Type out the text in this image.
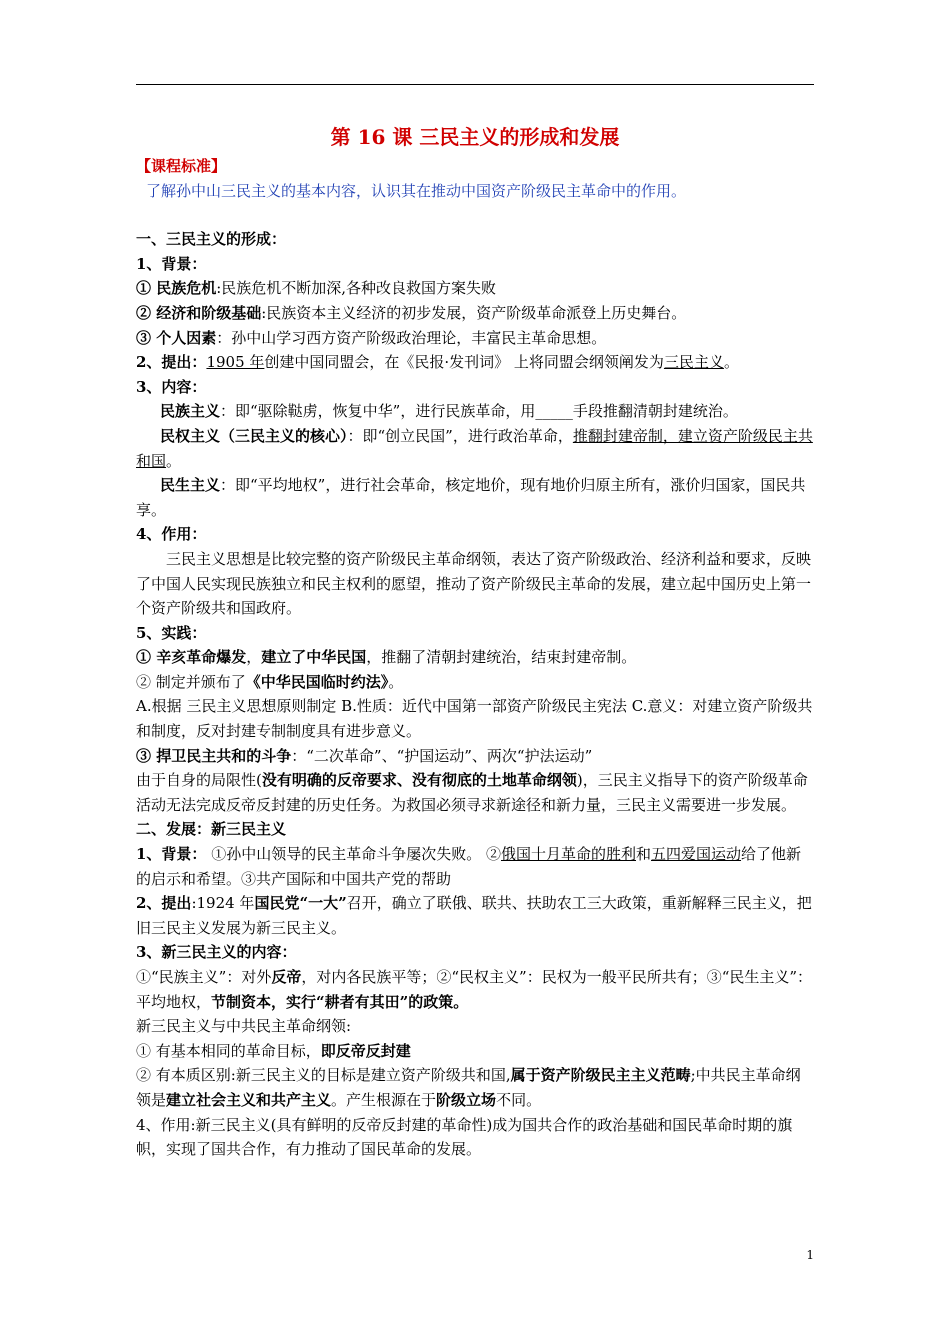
第 16 课 三民主义的形成和发展

【课程标准】

了解孙中山三民主义的基本内容，认识其在推动中国资产阶级民主革命中的作用。

一、三民主义的形成：

1、背景：

① 民族危机:民族危机不断加深,各种改良救国方案失败

② 经济和阶级基础:民族资本主义经济的初步发展，资产阶级革命派登上历史舞台。

③ 个人因素：孙中山学习西方资产阶级政治理论，丰富民主革命思想。

2、提出：1905 年创建中国同盟会，在《民报·发刊词》 上将同盟会纲领阐发为三民主义。

3、内容：

民族主义：即“驱除鞑虏，恢复中华”，进行民族革命，用_____手段推翻清朝封建统治。

民权主义（三民主义的核心）：即“创立民国”，进行政治革命，推翻封建帝制，建立资产阶级民主共和国。

民生主义：即“平均地权”，进行社会革命，核定地价，现有地价归原主所有，涨价归国家，国民共享。

4、作用：

三民主义思想是比较完整的资产阶级民主革命纲领，表达了资产阶级政治、经济利益和要求，反映了中国人民实现民族独立和民主权利的愿望，推动了资产阶级民主革命的发展，建立起中国历史上第一个资产阶级共和国政府。

5、实践：

① 辛亥革命爆发，建立了中华民国，推翻了清朝封建统治，结束封建帝制。

② 制定并颁布了《中华民国临时约法》。

A.根据 三民主义思想原则制定 B.性质：近代中国第一部资产阶级民主宪法 C.意义：对建立资产阶级共和制度，反对封建专制制度具有进步意义。

③ 捍卫民主共和的斗争：“二次革命”、“护国运动”、两次“护法运动”

由于自身的局限性(没有明确的反帝要求、没有彻底的土地革命纲领)，三民主义指导下的资产阶级革命活动无法完成反帝反封建的历史任务。为救国必须寻求新途径和新力量，三民主义需要进一步发展。

二、发展：新三民主义

1、背景： ①孙中山领导的民主革命斗争屡次失败。 ②俄国十月革命的胜利和五四爱国运动给了他新的启示和希望。③共产国际和中国共产党的帮助

2、提出:1924 年国民党“一大”召开，确立了联俄、联共、扶助农工三大政策，重新解释三民主义，把旧三民主义发展为新三民主义。

3、新三民主义的内容：

①“民族主义”：对外反帝，对内各民族平等；②“民权主义”：民权为一般平民所共有；③“民生主义”：平均地权，节制资本，实行“耕者有其田”的政策。

新三民主义与中共民主革命纲领:

① 有基本相同的革命目标，即反帝反封建

② 有本质区别:新三民主义的目标是建立资产阶级共和国,属于资产阶级民主主义范畴;中共民主革命纲领是建立社会主义和共产主义。产生根源在于阶级立场不同。

4、作用:新三民主义(具有鲜明的反帝反封建的革命性)成为国共合作的政治基础和国民革命时期的旗帜，实现了国共合作，有力推动了国民革命的发展。

1
